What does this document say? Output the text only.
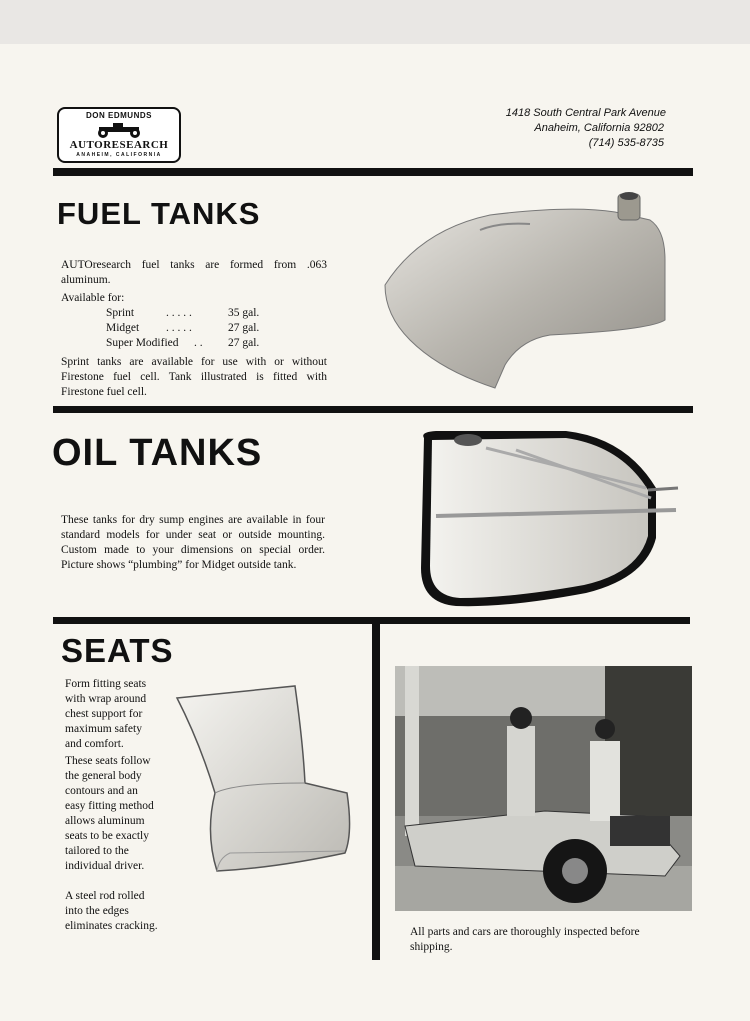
DON EDMUNDS
AUTORESEARCH
ANAHEIM, CALIFORNIA
1418 South Central Park Avenue
Anaheim, California 92802
(714) 535-8735
FUEL TANKS
AUTOresearch fuel tanks are formed from .063 aluminum.
Available for:
Sprint	. . . . .	35 gal.
Midget	. . . . .	27 gal.
Super Modified	. .	27 gal.
Sprint tanks are available for use with or without Firestone fuel cell. Tank illustrated is fitted with Firestone fuel cell.
OIL TANKS
These tanks for dry sump engines are available in four standard models for under seat or outside mounting. Custom made to your dimensions on special order. Picture shows “plumbing” for Midget outside tank.
SEATS
Form fitting seats with wrap around chest support for maximum safety and comfort.
These seats follow the general body contours and an easy fitting method allows aluminum seats to be exactly tailored to the individual driver.
A steel rod rolled into the edges eliminates cracking.	All parts and cars are thoroughly inspected before shipping.
